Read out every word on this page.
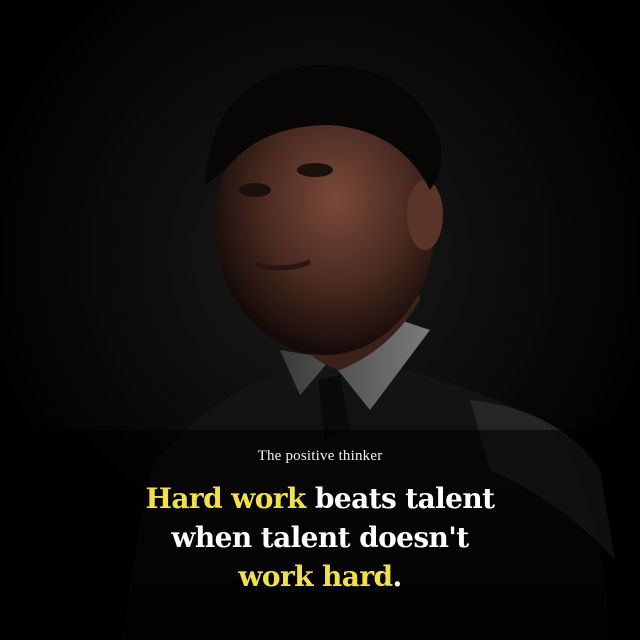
The positive thinker
Hard work beats talent
when talent doesn't
work hard.
